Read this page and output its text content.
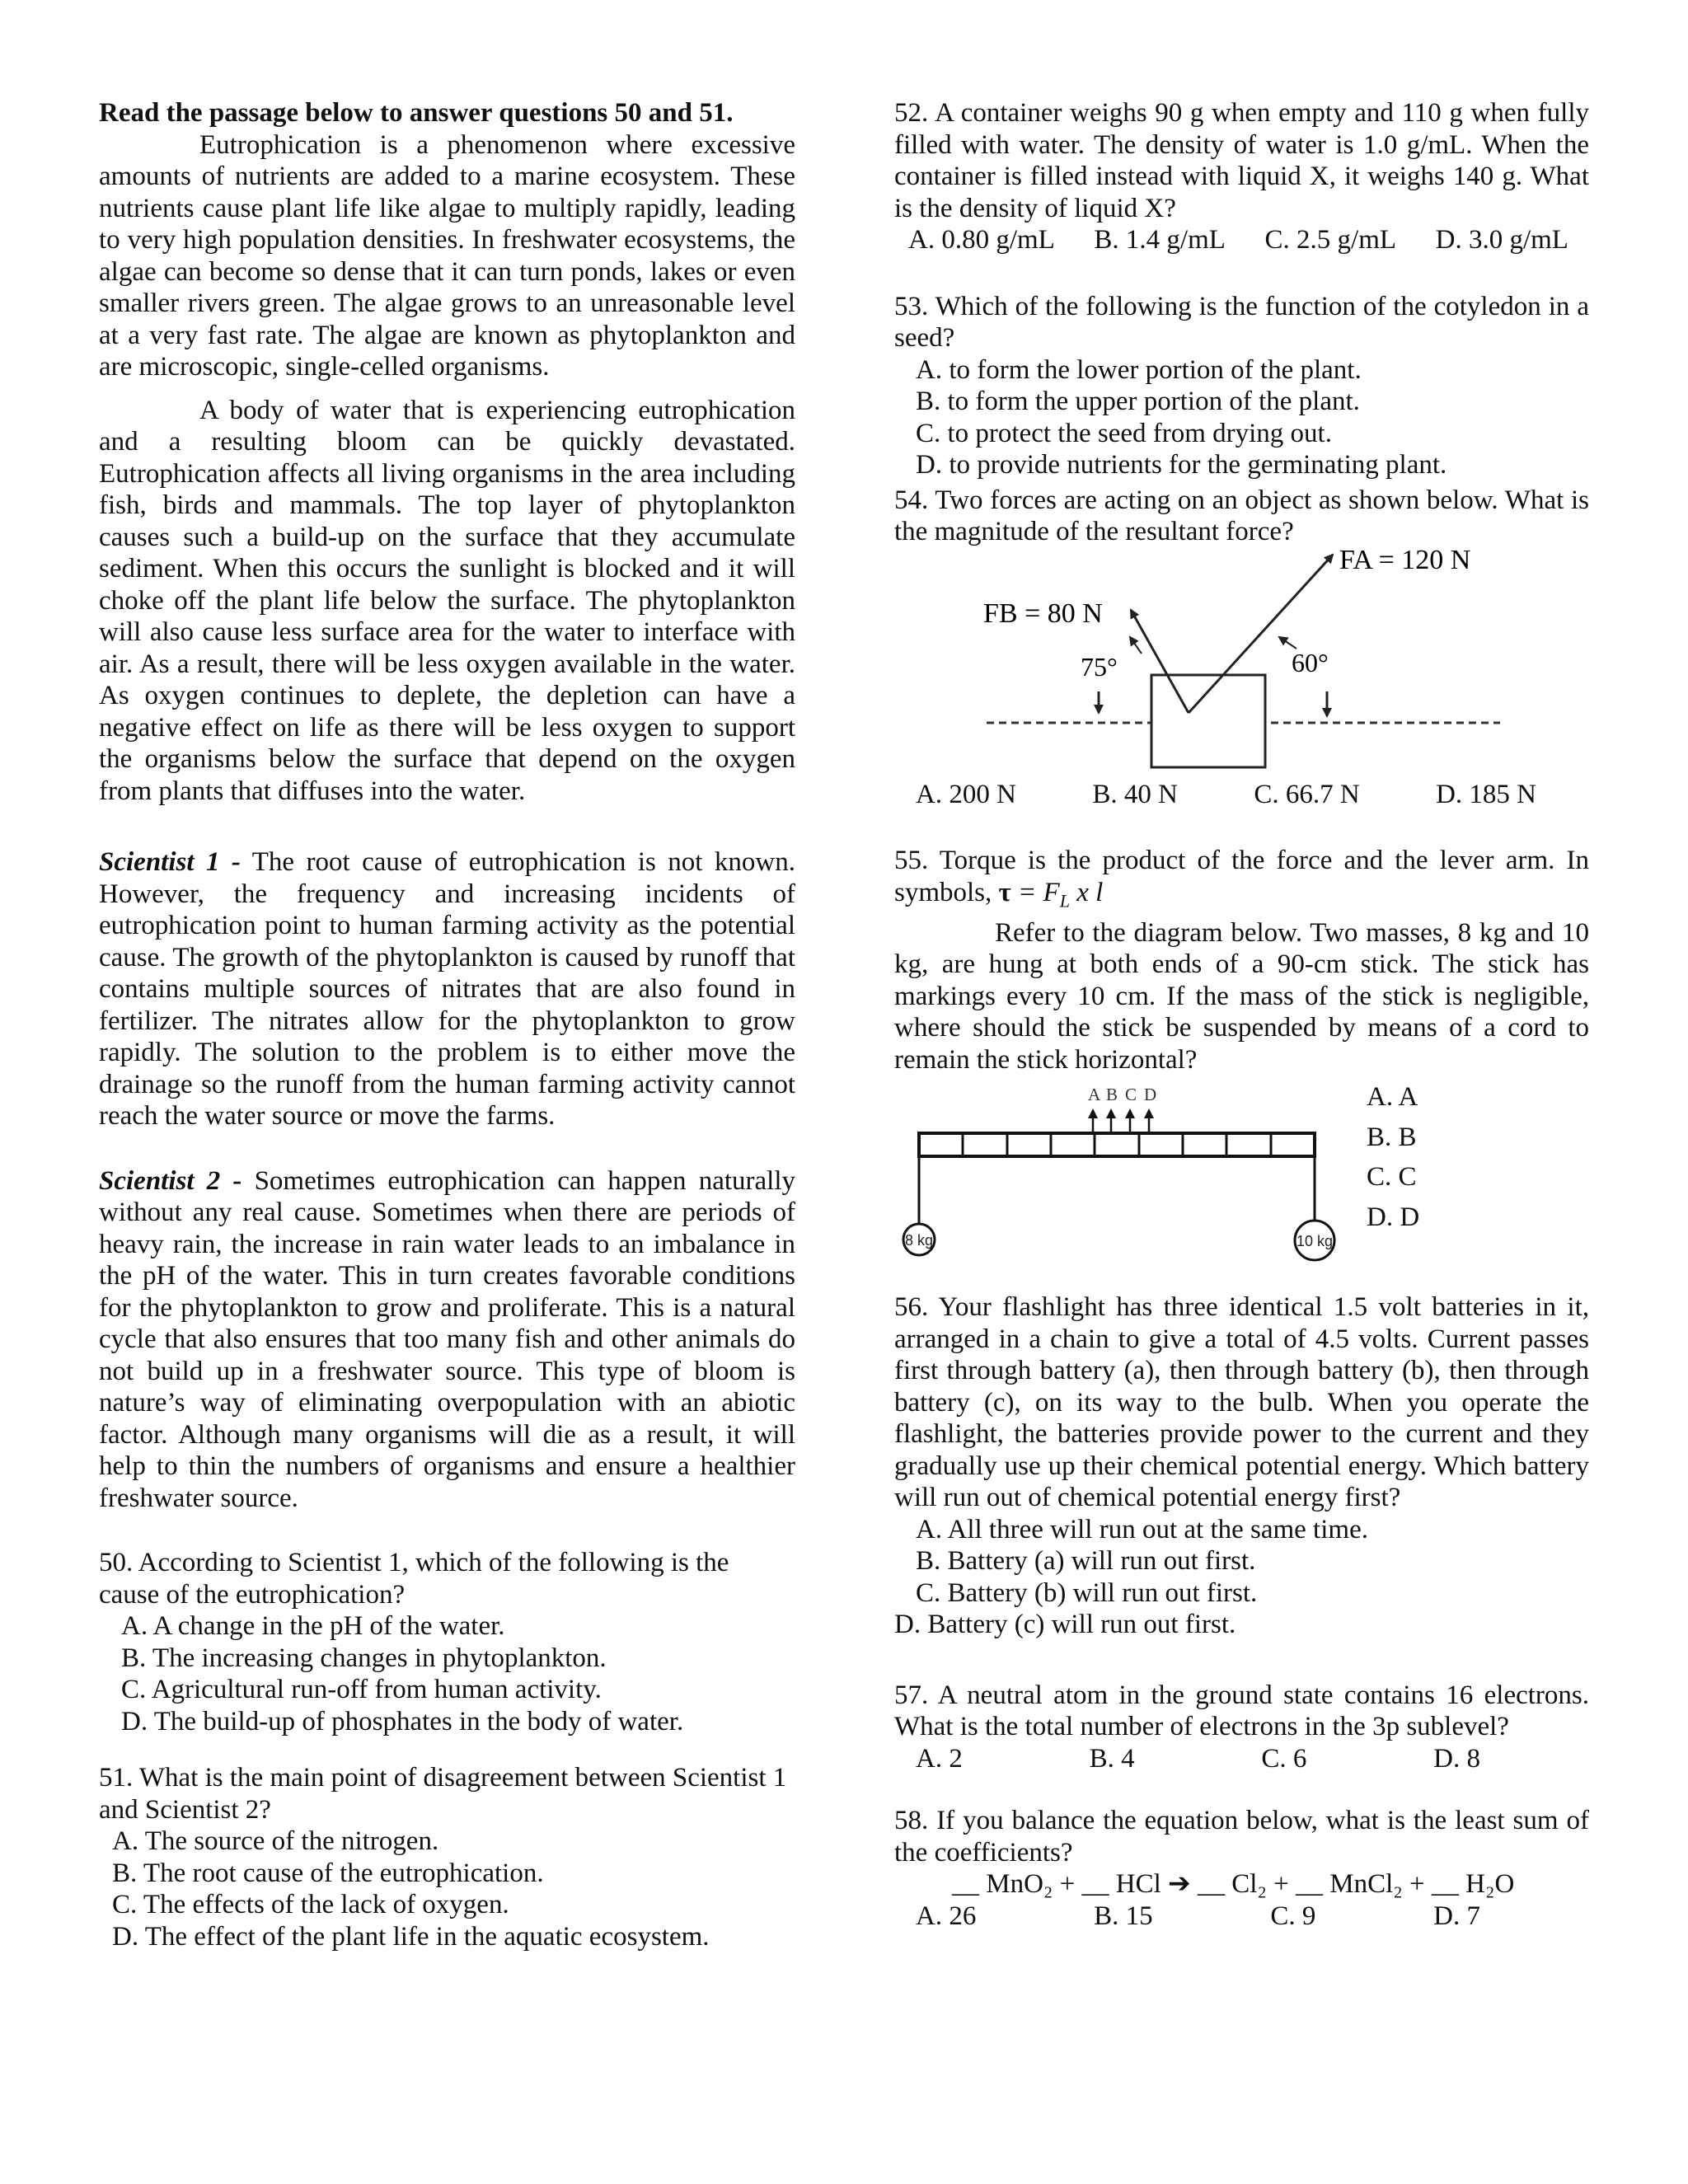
Read the passage below to answer questions 50 and 51.

Eutrophication is a phenomenon where excessive amounts of nutrients are added to a marine ecosystem. These nutrients cause plant life like algae to multiply rapidly, leading to very high population densities. In freshwater ecosystems, the algae can become so dense that it can turn ponds, lakes or even smaller rivers green. The algae grows to an unreasonable level at a very fast rate. The algae are known as phytoplankton and are microscopic, single-celled organisms.

A body of water that is experiencing eutrophication and a resulting bloom can be quickly devastated. Eutrophication affects all living organisms in the area including fish, birds and mammals. The top layer of phytoplankton causes such a build-up on the surface that they accumulate sediment. When this occurs the sunlight is blocked and it will choke off the plant life below the surface. The phytoplankton will also cause less surface area for the water to interface with air. As a result, there will be less oxygen available in the water. As oxygen continues to deplete, the depletion can have a negative effect on life as there will be less oxygen to support the organisms below the surface that depend on the oxygen from plants that diffuses into the water.

Scientist 1 - The root cause of eutrophication is not known. However, the frequency and increasing incidents of eutrophication point to human farming activity as the potential cause. The growth of the phytoplankton is caused by runoff that contains multiple sources of nitrates that are also found in fertilizer. The nitrates allow for the phytoplankton to grow rapidly. The solution to the problem is to either move the drainage so the runoff from the human farming activity cannot reach the water source or move the farms.

Scientist 2 - Sometimes eutrophication can happen naturally without any real cause. Sometimes when there are periods of heavy rain, the increase in rain water leads to an imbalance in the pH of the water. This in turn creates favorable conditions for the phytoplankton to grow and proliferate. This is a natural cycle that also ensures that too many fish and other animals do not build up in a freshwater source. This type of bloom is nature’s way of eliminating overpopulation with an abiotic factor. Although many organisms will die as a result, it will help to thin the numbers of organisms and ensure a healthier freshwater source.

50. According to Scientist 1, which of the following is the cause of the eutrophication?

A. A change in the pH of the water.
B. The increasing changes in phytoplankton.
C. Agricultural run-off from human activity.
D. The build-up of phosphates in the body of water.

51. What is the main point of disagreement between Scientist 1 and Scientist 2?

A. The source of the nitrogen.
B. The root cause of the eutrophication.
C. The effects of the lack of oxygen.
D. The effect of the plant life in the aquatic ecosystem.

52. A container weighs 90 g when empty and 110 g when fully filled with water. The density of water is 1.0 g/mL. When the container is filled instead with liquid X, it weighs 140 g. What is the density of liquid X?

A. 0.80 g/mL B. 1.4 g/mL C. 2.5 g/mL D. 3.0 g/mL

53. Which of the following is the function of the cotyledon in a seed?

A. to form the lower portion of the plant.
B. to form the upper portion of the plant.
C. to protect the seed from drying out.
D. to provide nutrients for the germinating plant.

54. Two forces are acting on an object as shown below. What is the magnitude of the resultant force?

FB = 80 N
FA = 120 N
75°	60°
A. 200 N	B. 40 N	C. 66.7 N	D. 185 N

55. Torque is the product of the force and the lever arm. In symbols, $\tau = F_L$ x l

Refer to the diagram below. Two masses, 8 kg and 10 kg, are hung at both ends of a 90-cm stick. The stick has markings every 10 cm. If the mass of the stick is negligible, where should the stick be suspended by means of a cord to remain the stick horizontal?

A B C D
8 kg	10 kg
A. A
B. B
C. C
D. D

56. Your flashlight has three identical 1.5 volt batteries in it, arranged in a chain to give a total of 4.5 volts. Current passes first through battery (a), then through battery (b), then through battery (c), on its way to the bulb. When you operate the flashlight, the batteries provide power to the current and they gradually use up their chemical potential energy. Which battery will run out of chemical potential energy first?

A. All three will run out at the same time.
B. Battery (a) will run out first.
C. Battery (b) will run out first.
D. Battery (c) will run out first.

57. A neutral atom in the ground state contains 16 electrons. What is the total number of electrons in the 3p sublevel?

A. 2	B. 4	C. 6	D. 8

58. If you balance the equation below, what is the least sum of the coefficients?

__ MnO₂ + __ HCl ➔ __ Cl₂ + __ MnCl₂ + __ H₂O
A. 26	B. 15	C. 9	D. 7
